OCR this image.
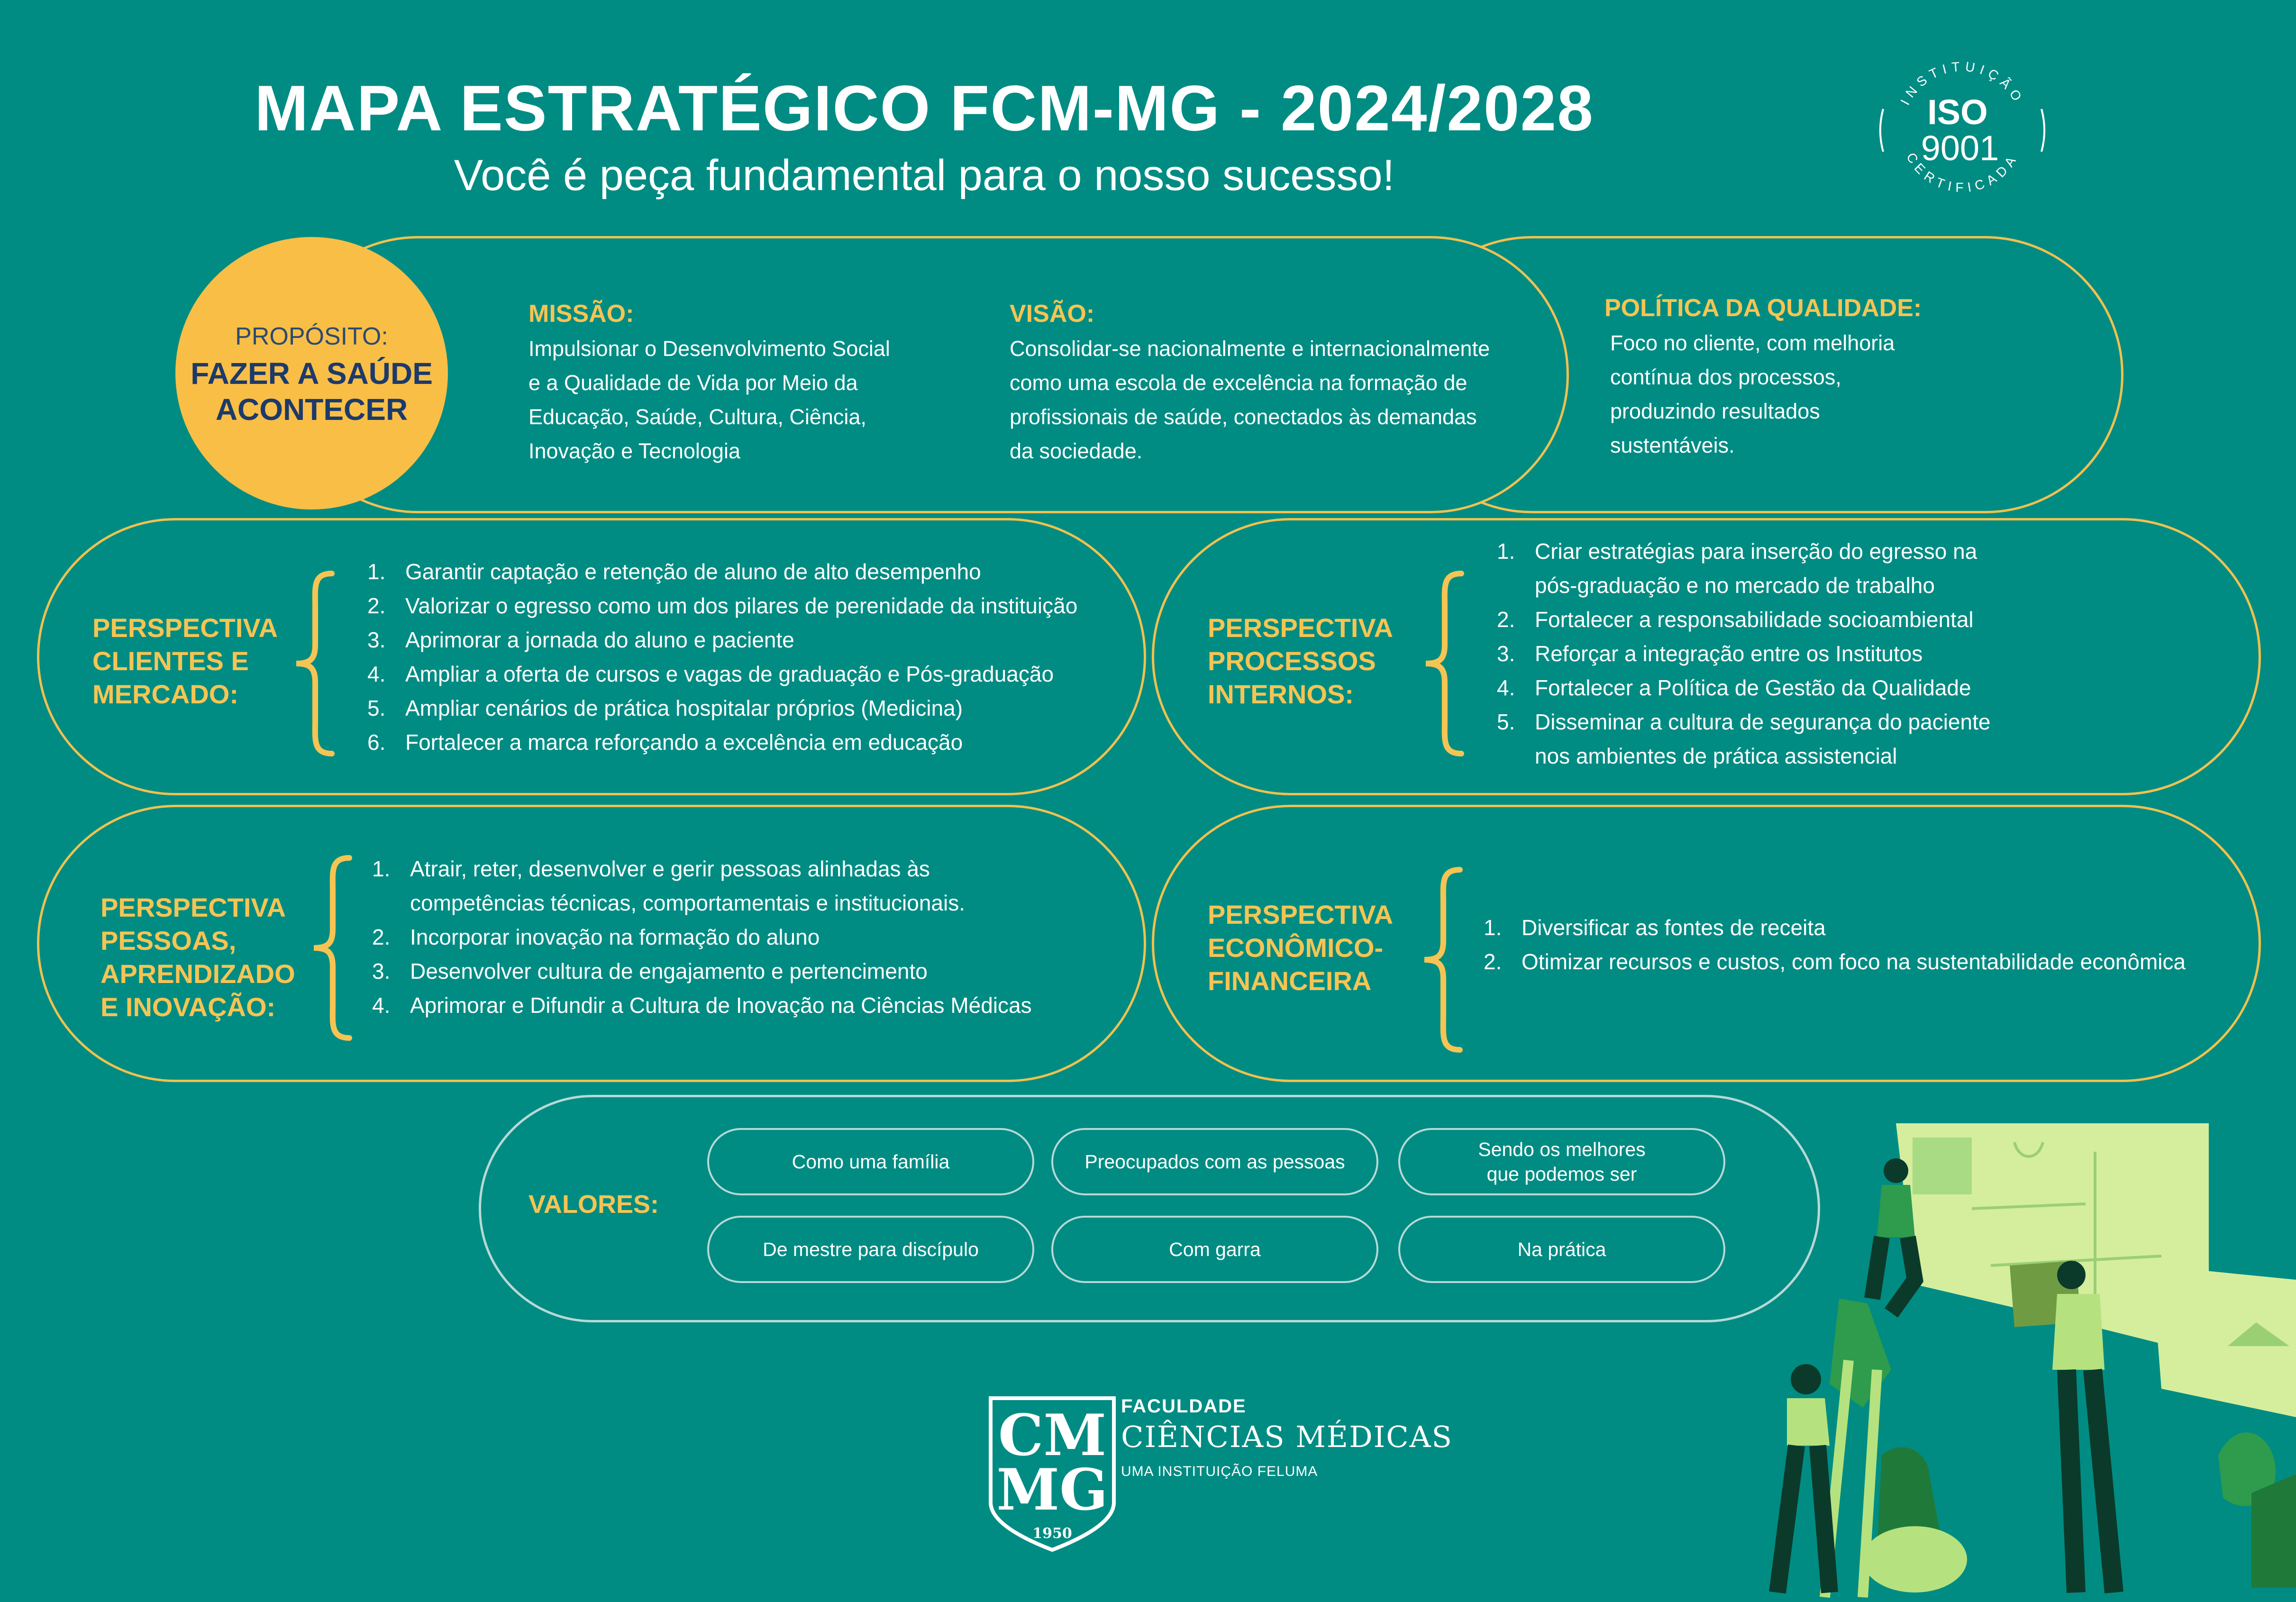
MAPA ESTRATÉGICO FCM-MG - 2024/2028
Você é peça fundamental para o nosso sucesso!
INSTITUIÇÃO
CERTIFICADA
ISO
9001
PROPÓSITO:
FAZER A SAÚDE
ACONTECER
MISSÃO:
Impulsionar o Desenvolvimento Social
e a Qualidade de Vida por Meio da
Educação, Saúde, Cultura, Ciência,
Inovação e Tecnologia
VISÃO:
Consolidar-se nacionalmente e internacionalmente
como uma escola de excelência na formação de
profissionais de saúde, conectados às demandas
da sociedade.
POLÍTICA DA QUALIDADE:
Foco no cliente, com melhoria
contínua dos processos,
produzindo resultados
sustentáveis.
PERSPECTIVA
CLIENTES E
MERCADO:
1. Garantir captação e retenção de aluno de alto desempenho
2. Valorizar o egresso como um dos pilares de perenidade da instituição
3. Aprimorar a jornada do aluno e paciente
4. Ampliar a oferta de cursos e vagas de graduação e Pós-graduação
5. Ampliar cenários de prática hospitalar próprios (Medicina)
6. Fortalecer a marca reforçando a excelência em educação
PERSPECTIVA
PROCESSOS
INTERNOS:
1. Criar estratégias para inserção do egresso na
pós-graduação e no mercado de trabalho
2. Fortalecer a responsabilidade socioambiental
3. Reforçar a integração entre os Institutos
4. Fortalecer a Política de Gestão da Qualidade
5. Disseminar a cultura de segurança do paciente
nos ambientes de prática assistencial
PERSPECTIVA
PESSOAS,
APRENDIZADO
E INOVAÇÃO:
1. Atrair, reter, desenvolver e gerir pessoas alinhadas às
competências técnicas, comportamentais e institucionais.
2. Incorporar inovação na formação do aluno
3. Desenvolver cultura de engajamento e pertencimento
4. Aprimorar e Difundir a Cultura de Inovação na Ciências Médicas
PERSPECTIVA
ECONÔMICO-
FINANCEIRA
1. Diversificar as fontes de receita
2. Otimizar recursos e custos, com foco na sustentabilidade econômica
VALORES:
Como uma família	Preocupados com as pessoas
Sendo os melhores
que podemos ser
De mestre para discípulo	Com garra	Na prática
CM
MG
1950
FACULDADE
CIÊNCIAS MÉDICAS
UMA INSTITUIÇÃO FELUMA
